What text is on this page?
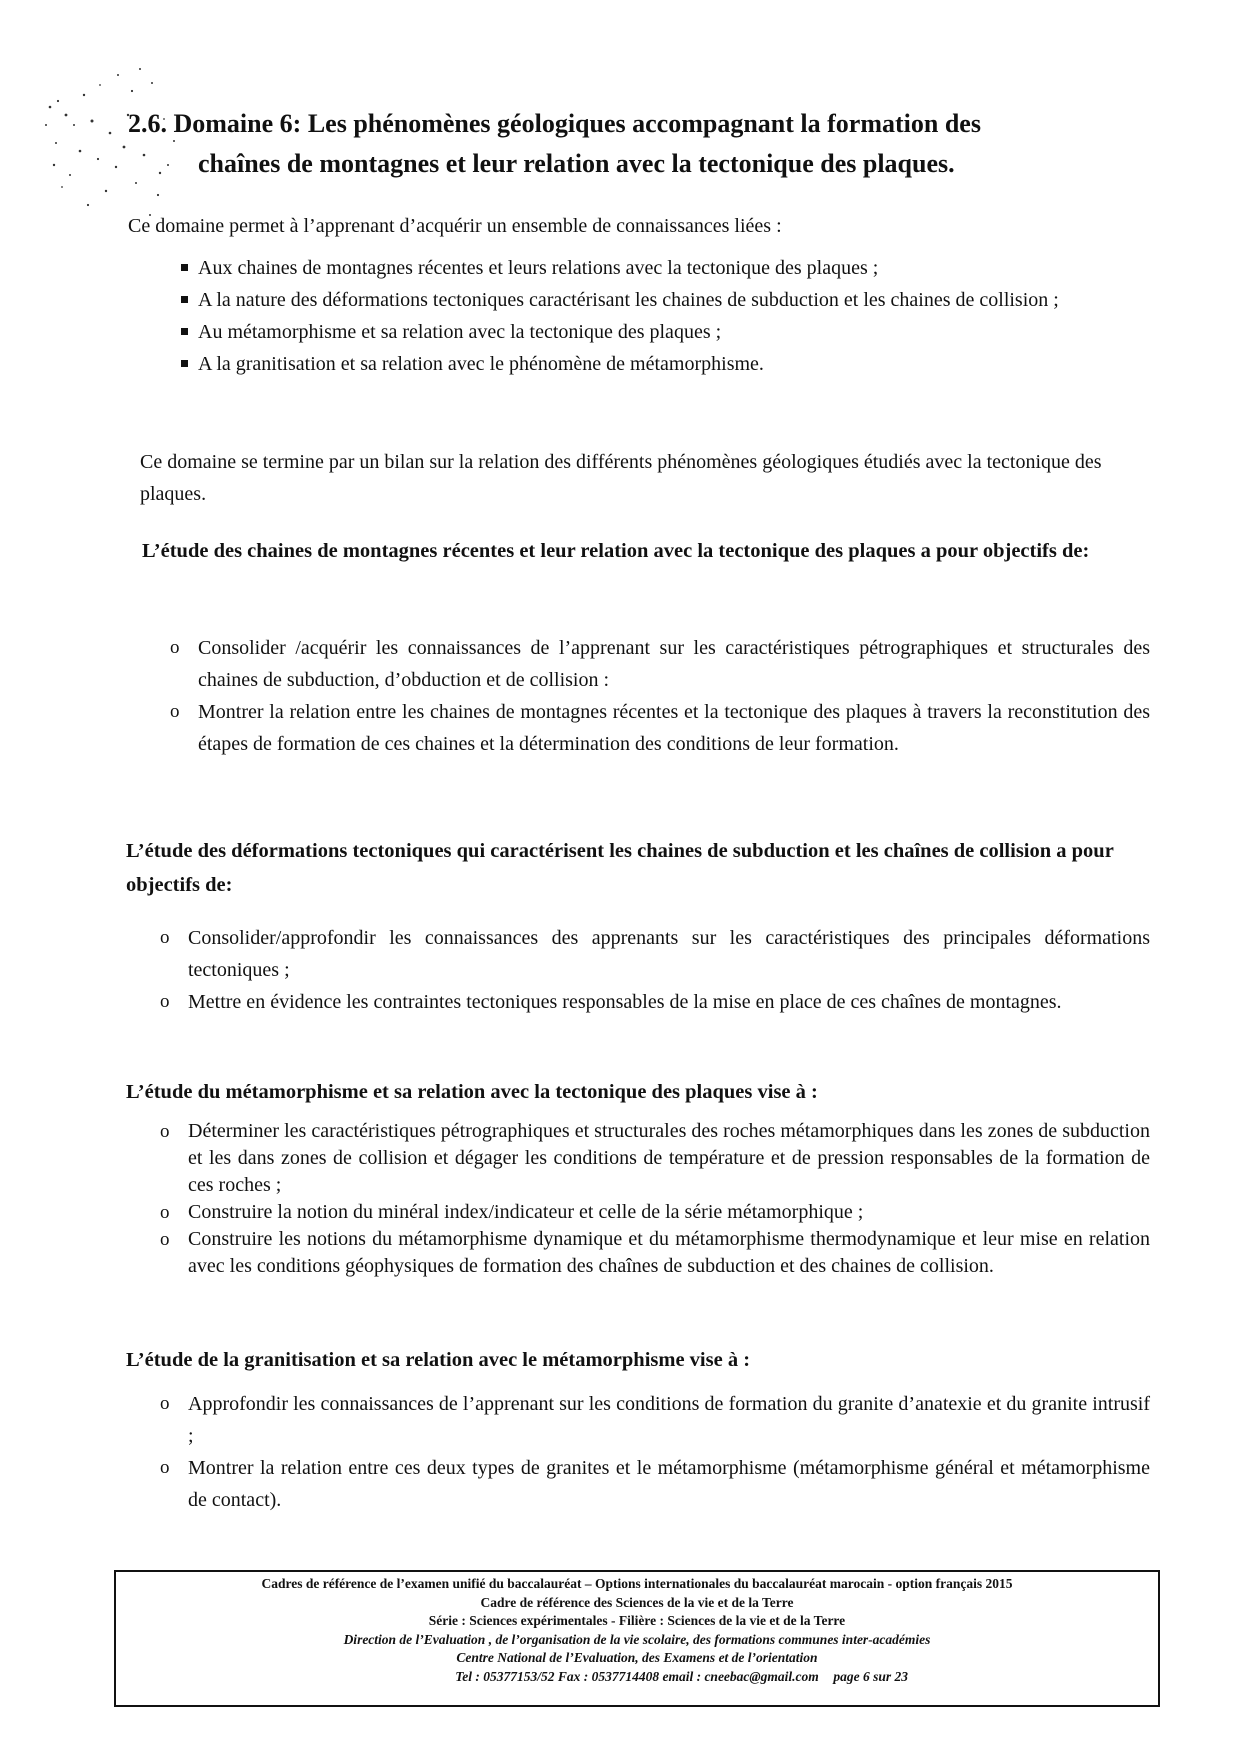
2.6. Domaine 6: Les phénomènes géologiques accompagnant la formation des
chaînes de montagnes et leur relation avec la tectonique des plaques.
Ce domaine permet à l’apprenant d’acquérir un ensemble de connaissances liées :
Aux chaines de montagnes récentes et leurs relations avec la tectonique des plaques ;
A la nature des déformations tectoniques caractérisant les chaines de subduction et les chaines de collision ;
Au métamorphisme et sa relation avec la tectonique des plaques ;
A la granitisation et sa relation avec le phénomène de métamorphisme.
Ce domaine se termine par un bilan sur la relation des différents phénomènes géologiques étudiés avec la tectonique des plaques.

L’étude des chaines de montagnes récentes et leur relation avec la tectonique des plaques a pour objectifs de:

o Consolider /acquérir les connaissances de l’apprenant sur les caractéristiques pétrographiques et structurales des chaines de subduction, d’obduction et de collision :
o Montrer la relation entre les chaines de montagnes récentes et la tectonique des plaques à travers la reconstitution des étapes de formation de ces chaines et la détermination des conditions de leur formation.

L’étude des déformations tectoniques qui caractérisent les chaines de subduction et les chaînes de collision a pour objectifs de:

o Consolider/approfondir les connaissances des apprenants sur les caractéristiques des principales déformations tectoniques ;
o Mettre en évidence les contraintes tectoniques responsables de la mise en place de ces chaînes de montagnes.

L’étude du métamorphisme et sa relation avec la tectonique des plaques vise à :

o Déterminer les caractéristiques pétrographiques et structurales des roches métamorphiques dans les zones de subduction et les dans zones de collision et dégager les conditions de température et de pression responsables de la formation de ces roches ;
o Construire la notion du minéral index/indicateur et celle de la série métamorphique ;
o Construire les notions du métamorphisme dynamique et du métamorphisme thermodynamique et leur mise en relation avec les conditions géophysiques de formation des chaînes de subduction et des chaines de collision.

L’étude de la granitisation et sa relation avec le métamorphisme vise à :

o Approfondir les connaissances de l’apprenant sur les conditions de formation du granite d’anatexie et du granite intrusif ;
o Montrer la relation entre ces deux types de granites et le métamorphisme (métamorphisme général et métamorphisme de contact).
Cadres de référence de l’examen unifié du baccalauréat – Options internationales du baccalauréat marocain - option français 2015
Cadre de référence des Sciences de la vie et de la Terre
Série : Sciences expérimentales - Filière : Sciences de la vie et de la Terre
Direction de l’Evaluation , de l’organisation de la vie scolaire, des formations communes inter-académies
Centre National de l’Evaluation, des Examens et de l’orientation
Tel : 05377153/52 Fax : 0537714408 email : cneebac@gmail.com page 6 sur 23
